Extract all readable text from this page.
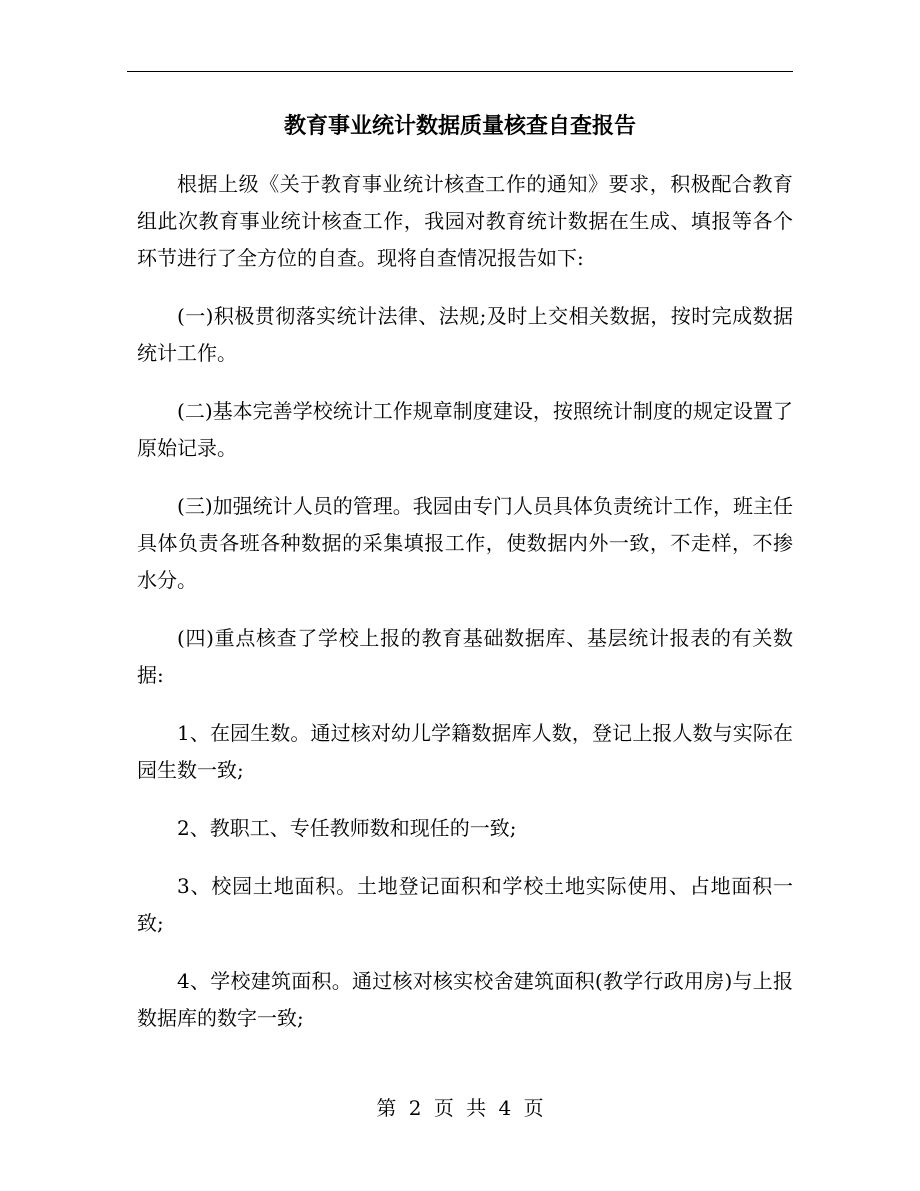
教育事业统计数据质量核查自查报告

根据上级《关于教育事业统计核查工作的通知》要求，积极配合教育组此次教育事业统计核查工作，我园对教育统计数据在生成、填报等各个环节进行了全方位的自查。现将自查情况报告如下:

(一)积极贯彻落实统计法律、法规;及时上交相关数据，按时完成数据统计工作。

(二)基本完善学校统计工作规章制度建设，按照统计制度的规定设置了原始记录。

(三)加强统计人员的管理。我园由专门人员具体负责统计工作，班主任具体负责各班各种数据的采集填报工作，使数据内外一致，不走样，不掺水分。

(四)重点核查了学校上报的教育基础数据库、基层统计报表的有关数据:

1、在园生数。通过核对幼儿学籍数据库人数，登记上报人数与实际在园生数一致;

2、教职工、专任教师数和现任的一致;

3、校园土地面积。土地登记面积和学校土地实际使用、占地面积一致;

4、学校建筑面积。通过核对核实校舍建筑面积(教学行政用房)与上报数据库的数字一致;

第 2 页 共 4 页
